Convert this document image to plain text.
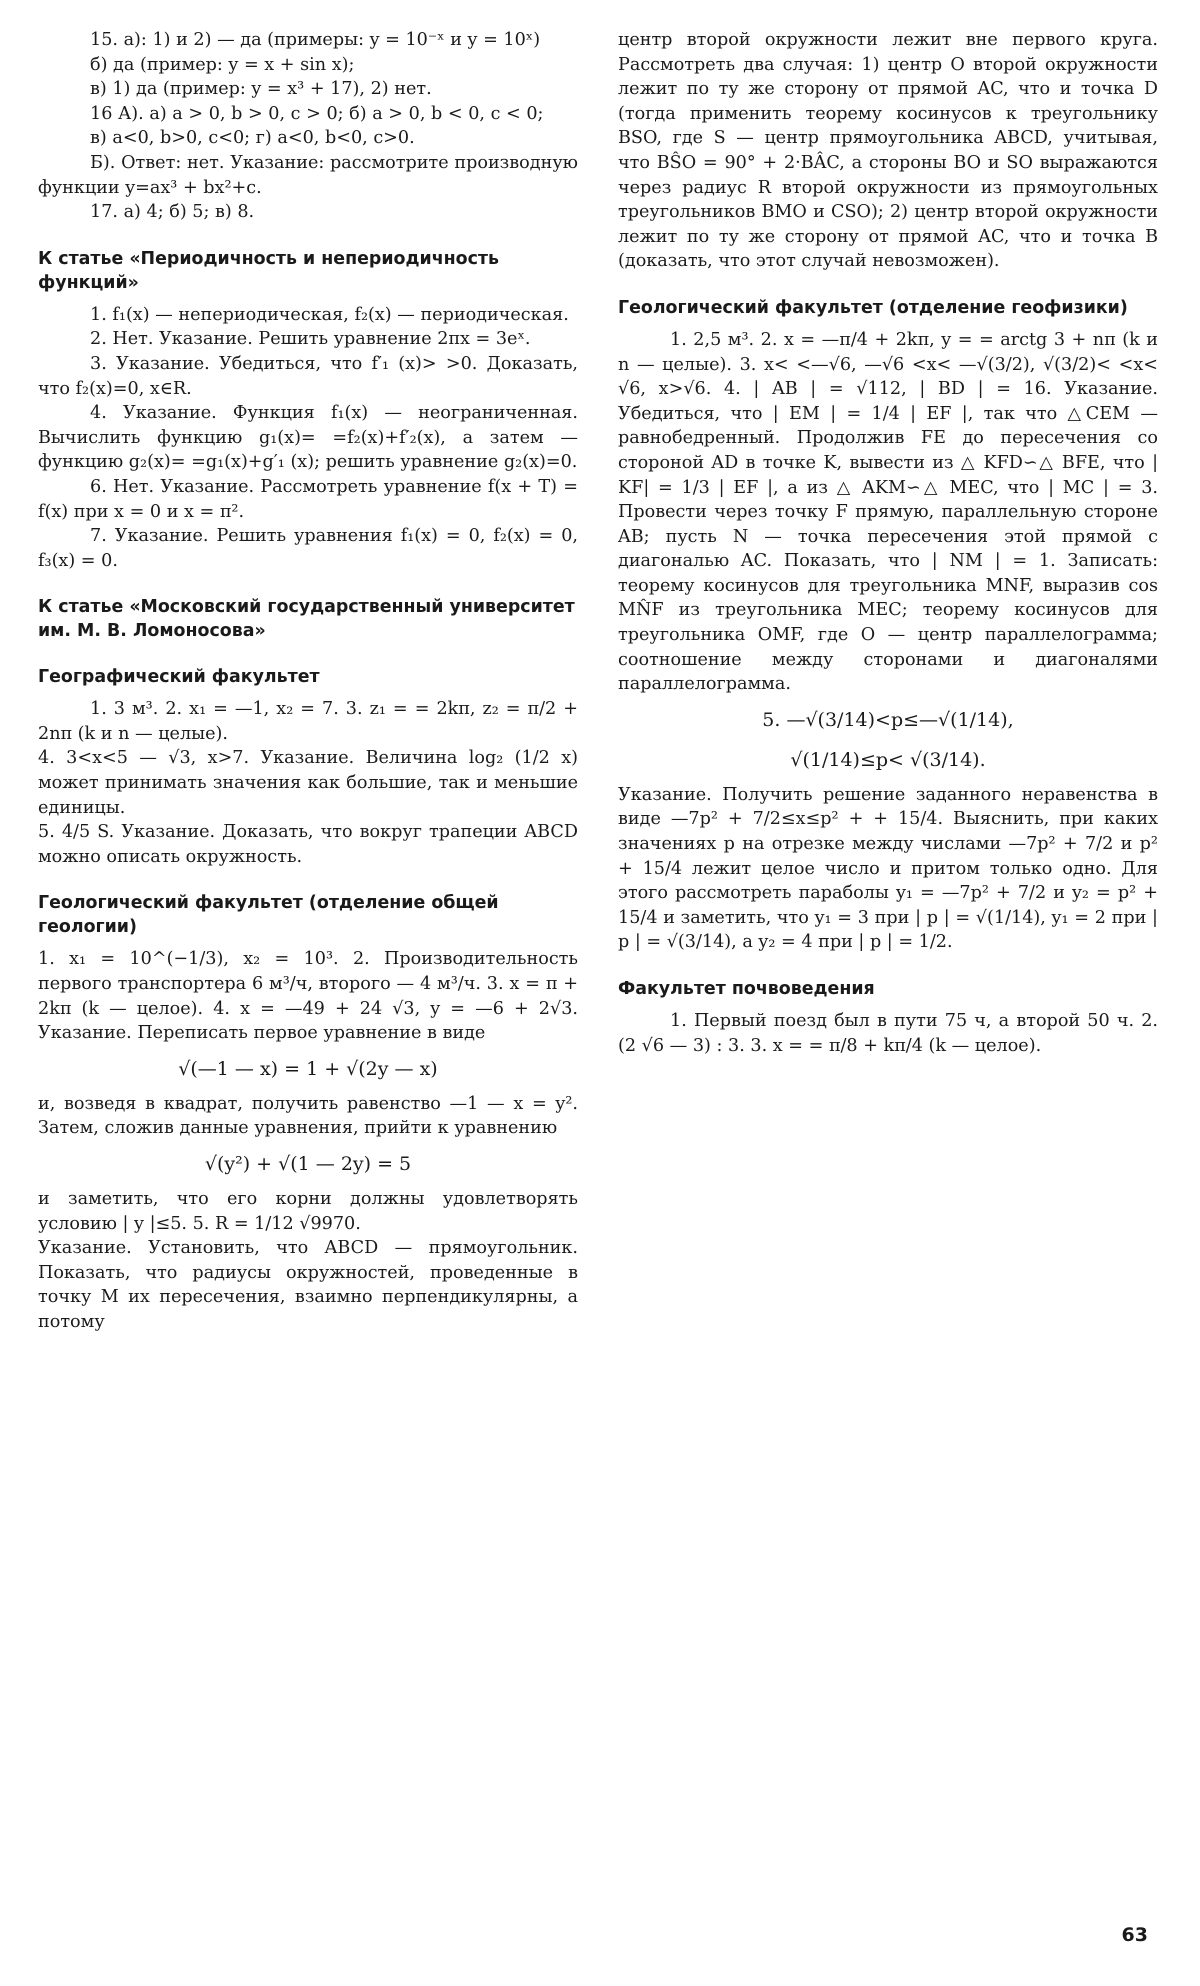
15. а): 1) и 2) — да (примеры: y = 10⁻ˣ и y = 10ˣ)

б) да (пример: y = x + sin x);

в) 1) да (пример: y = x³ + 17), 2) нет.

16 А). а) a > 0, b > 0, c > 0; б) a > 0, b < 0, c < 0;

в) a<0, b>0, c<0; г) a<0, b<0, c>0.

Б). Ответ: нет. Указание: рассмотрите производную функции y=ax³ + bx²+c.

17. а) 4; б) 5; в) 8.

К статье «Периодичность и непериодичность функций»

1. f₁(x) — непериодическая, f₂(x) — периодическая.

2. Нет. Указание. Решить уравнение 2πx = 3eˣ.

3. Указание. Убедиться, что f′₁ (x)> >0. Доказать, что f₂(x)=0, x∈R.

4. Указание. Функция f₁(x) — неограниченная. Вычислить функцию g₁(x)= =f₂(x)+f′₂(x), а затем — функцию g₂(x)= =g₁(x)+g′₁ (x); решить уравнение g₂(x)=0.

6. Нет. Указание. Рассмотреть уравнение f(x + T) = f(x) при x = 0 и x = π².

7. Указание. Решить уравнения f₁(x) = 0, f₂(x) = 0, f₃(x) = 0.

К статье «Московский государственный университет им. М. В. Ломоносова»
Географический факультет

1. 3 м³. 2. x₁ = —1, x₂ = 7. 3. z₁ = = 2kπ, z₂ = π/2 + 2nπ (k и n — целые).

4. 3<x<5 — √3, x>7. Указание. Величина log₂ (1/2 x) может принимать значения как большие, так и меньшие единицы.

5. 4/5 S. Указание. Доказать, что вокруг трапеции ABCD можно описать окружность.

Геологический факультет (отделение общей геологии)

1. x₁ = 10^(−1/3), x₂ = 10³. 2. Производительность первого транспортера 6 м³/ч, второго — 4 м³/ч. 3. x = π + 2kπ (k — целое). 4. x = —49 + 24 √3, y = —6 + 2√3. Указание. Переписать первое уравнение в виде

√(—1 — x) = 1 + √(2y — x)

и, возведя в квадрат, получить равенство —1 — x = y². Затем, сложив данные уравнения, прийти к уравнению

√(y²) + √(1 — 2y) = 5

и заметить, что его корни должны удовлетворять условию | y |≤5. 5. R = 1/12 √9970.

Указание. Установить, что ABCD — прямоугольник. Показать, что радиусы окружностей, проведенные в точку M их пересечения, взаимно перпендикулярны, а потому

центр второй окружности лежит вне первого круга. Рассмотреть два случая: 1) центр O второй окружности лежит по ту же сторону от прямой AC, что и точка D (тогда применить теорему косинусов к треугольнику BSO, где S — центр прямоугольника ABCD, учитывая, что BŜO = 90° + 2·BÂC, а стороны BO и SO выражаются через радиус R второй окружности из прямоугольных треугольников BMO и CSO); 2) центр второй окружности лежит по ту же сторону от прямой AC, что и точка B (доказать, что этот случай невозможен).

Геологический факультет (отделение геофизики)

1. 2,5 м³. 2. x = —π/4 + 2kπ, y = = arctg 3 + nπ (k и n — целые). 3. x< <—√6, —√6 <x< —√(3/2), √(3/2)< <x< √6, x>√6. 4. | AB | = √112, | BD | = 16. Указание. Убедиться, что | EM | = 1/4 | EF |, так что △CEM — равнобедренный. Продолжив FE до пересечения со стороной AD в точке K, вывести из △ KFD∽△ BFE, что | KF| = 1/3 | EF |, а из △ AKM∽△ MEC, что | MC | = 3. Провести через точку F прямую, параллельную стороне AB; пусть N — точка пересечения этой прямой с диагональю AC. Показать, что | NM | = 1. Записать: теорему косинусов для треугольника MNF, выразив cos MN̂F из треугольника MEC; теорему косинусов для треугольника OMF, где O — центр параллелограмма; соотношение между сторонами и диагоналями параллелограмма.

5. —√(3/14)<p≤—√(1/14),
√(1/14)≤p< √(3/14).

Указание. Получить решение заданного неравенства в виде —7p² + 7/2≤x≤p² + + 15/4. Выяснить, при каких значениях p на отрезке между числами —7p² + 7/2 и p² + 15/4 лежит целое число и притом только одно. Для этого рассмотреть параболы y₁ = —7p² + 7/2 и y₂ = p² + 15/4 и заметить, что y₁ = 3 при | p | = √(1/14), y₁ = 2 при | p | = √(3/14), а y₂ = 4 при | p | = 1/2.

Факультет почвоведения

1. Первый поезд был в пути 75 ч, а второй 50 ч. 2. (2 √6 — 3) : 3. 3. x = = π/8 + kπ/4 (k — целое).

63
